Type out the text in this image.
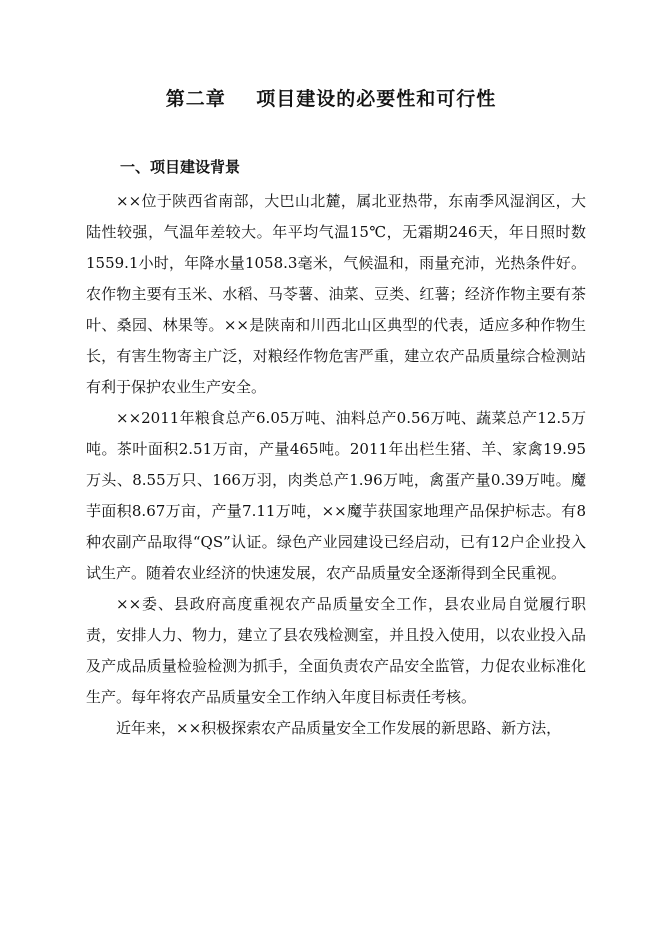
第二章    项目建设的必要性和可行性
一、项目建设背景

××位于陕西省南部，大巴山北麓，属北亚热带，东南季风湿润区，大陆性较强，气温年差较大。年平均气温15℃，无霜期246天，年日照时数1559.1小时，年降水量1058.3毫米，气候温和，雨量充沛，光热条件好。农作物主要有玉米、水稻、马苓薯、油菜、豆类、红薯；经济作物主要有茶叶、桑园、林果等。××是陕南和川西北山区典型的代表，适应多种作物生长，有害生物寄主广泛，对粮经作物危害严重，建立农产品质量综合检测站有利于保护农业生产安全。

××2011年粮食总产6.05万吨、油料总产0.56万吨、蔬菜总产12.5万吨。茶叶面积2.51万亩，产量465吨。2011年出栏生猪、羊、家禽19.95万头、8.55万只、166万羽，肉类总产1.96万吨，禽蛋产量0.39万吨。魔芋面积8.67万亩，产量7.11万吨，××魔芋获国家地理产品保护标志。有8种农副产品取得“QS”认证。绿色产业园建设已经启动，已有12户企业投入试生产。随着农业经济的快速发展，农产品质量安全逐渐得到全民重视。

××委、县政府高度重视农产品质量安全工作，县农业局自觉履行职责，安排人力、物力，建立了县农残检测室，并且投入使用，以农业投入品及产成品质量检验检测为抓手，全面负责农产品安全监管，力促农业标准化生产。每年将农产品质量安全工作纳入年度目标责任考核。

近年来，××积极探索农产品质量安全工作发展的新思路、新方法，
